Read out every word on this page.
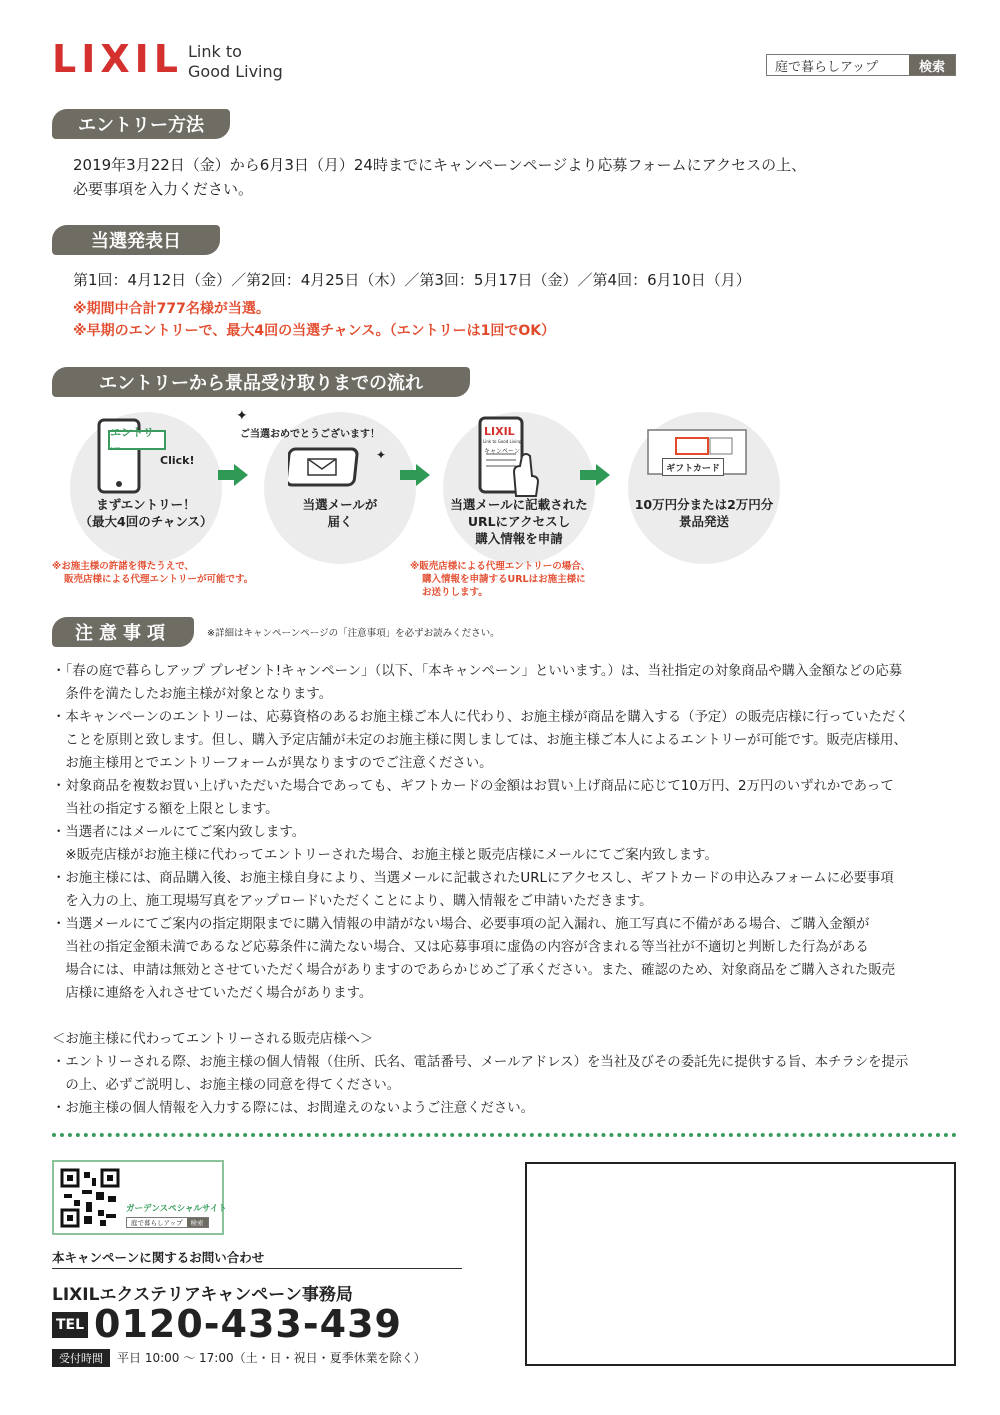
LIXIL Link to
Good Living	庭で暮らしアップ	検索
エントリー方法
2019年3月22日（金）から6月3日（月）24時までにキャンペーンページより応募フォームにアクセスの上、
必要事項を入力ください。
当選発表日
第1回：4月12日（金）／第2回：4月25日（木）／第3回：5月17日（金）／第4回：6月10日（月）
※期間中合計777名様が当選。
※早期のエントリーで、最大4回の当選チャンス。（エントリーは1回でOK）
エントリーから景品受け取りまでの流れ
エントリー
Click!
まずエントリー！
（最大4回のチャンス）
ご当選おめでとうございます！
✦
✦
当選メールが
届く
LIXIL
Link to Good Living
キャンペーン
当選メールに記載された
URLにアクセスし
購入情報を申請
ギフトカード
10万円分または2万円分
景品発送
※お施主様の許諾を得たうえで、
販売店様による代理エントリーが可能です。
※販売店様による代理エントリーの場合、
購入情報を申請するURLはお施主様に
お送りします。
注意事項	※詳細はキャンペーンページの「注意事項」を必ずお読みください。

・「春の庭で暮らしアップ プレゼント!キャンペーン」（以下、「本キャンペーン」といいます。）は、当社指定の対象商品や購入金額などの応募

　条件を満たしたお施主様が対象となります。

・本キャンペーンのエントリーは、応募資格のあるお施主様ご本人に代わり、お施主様が商品を購入する（予定）の販売店様に行っていただく

　ことを原則と致します。但し、購入予定店舗が未定のお施主様に関しましては、お施主様ご本人によるエントリーが可能です。販売店様用、

　お施主様用とでエントリーフォームが異なりますのでご注意ください。

・対象商品を複数お買い上げいただいた場合であっても、ギフトカードの金額はお買い上げ商品に応じて10万円、2万円のいずれかであって

　当社の指定する額を上限とします。

・当選者にはメールにてご案内致します。

　※販売店様がお施主様に代わってエントリーされた場合、お施主様と販売店様にメールにてご案内致します。

・お施主様には、商品購入後、お施主様自身により、当選メールに記載されたURLにアクセスし、ギフトカードの申込みフォームに必要事項

　を入力の上、施工現場写真をアップロードいただくことにより、購入情報をご申請いただきます。

・当選メールにてご案内の指定期限までに購入情報の申請がない場合、必要事項の記入漏れ、施工写真に不備がある場合、ご購入金額が

　当社の指定金額未満であるなど応募条件に満たない場合、又は応募事項に虚偽の内容が含まれる等当社が不適切と判断した行為がある

　場合には、申請は無効とさせていただく場合がありますのであらかじめご了承ください。また、確認のため、対象商品をご購入された販売

　店様に連絡を入れさせていただく場合があります。

＜お施主様に代わってエントリーされる販売店様へ＞

・エントリーされる際、お施主様の個人情報（住所、氏名、電話番号、メールアドレス）を当社及びその委託先に提供する旨、本チラシを提示

　の上、必ずご説明し、お施主様の同意を得てください。

・お施主様の個人情報を入力する際には、お間違えのないようご注意ください。

ガーデンスペシャルサイト
庭で暮らしアップ	検索
本キャンペーンに関するお問い合わせ
LIXILエクステリアキャンペーン事務局
TEL 0120-433-439
受付時間	平日 10:00 〜 17:00（土・日・祝日・夏季休業を除く）
